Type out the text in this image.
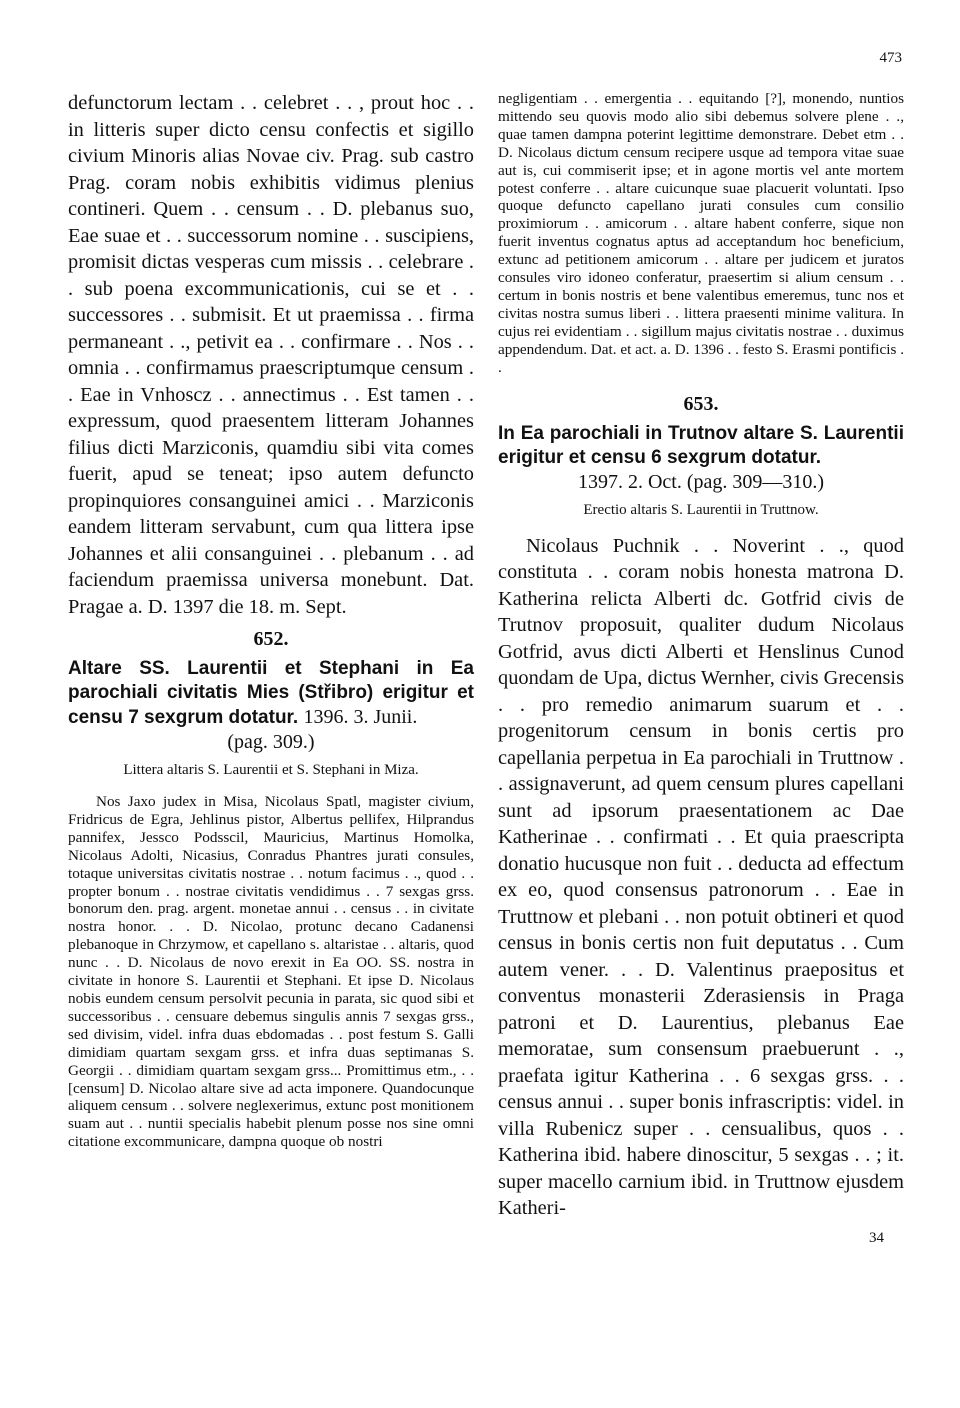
473

defunctorum lectam . . celebret . . , prout hoc . . in litteris super dicto censu confectis et sigillo civium Minoris alias Novae civ. Prag. sub castro Prag. coram nobis exhibitis vidimus plenius contineri. Quem . . censum . . D. plebanus suo, Eae suae et . . successorum nomine . . suscipiens, promisit dictas vesperas cum missis . . celebrare . . sub poena excommunicationis, cui se et . . successores . . submisit. Et ut praemissa . . firma permaneant . ., petivit ea . . confirmare . . Nos . . omnia . . confirmamus praescriptumque censum . . Eae in Vnhoscz . . annectimus . . Est tamen . . expressum, quod praesentem litteram Johannes filius dicti Marziconis, quamdiu sibi vita comes fuerit, apud se teneat; ipso autem defuncto propinquiores consanguinei amici . . Marziconis eandem litteram servabunt, cum qua littera ipse Johannes et alii consanguinei . . plebanum . . ad faciendum praemissa universa monebunt. Dat. Pragae a. D. 1397 die 18. m. Sept.

652.
Altare SS. Laurentii et Stephani in Ea parochiali civitatis Mies (Střibro) erigitur et censu 7 sexgrum dotatur. 1396. 3. Junii.
(pag. 309.)
Littera altaris S. Laurentii et S. Stephani in Miza.

Nos Jaxo judex in Misa, Nicolaus Spatl, magister civium, Fridricus de Egra, Jehlinus pistor, Albertus pellifex, Hilprandus pannifex, Jessco Podsscil, Mauricius, Martinus Homolka, Nicolaus Adolti, Nicasius, Conradus Phantres jurati consules, totaque universitas civitatis nostrae . . notum facimus . ., quod . . propter bonum . . nostrae civitatis vendidimus . . 7 sexgas grss. bonorum den. prag. argent. monetae annui . . census . . in civitate nostra honor. . . D. Nicolao, protunc decano Cadanensi plebanoque in Chrzymow, et capellano s. altaristae . . altaris, quod nunc . . D. Nicolaus de novo erexit in Ea OO. SS. nostra in civitate in honore S. Laurentii et Stephani. Et ipse D. Nicolaus nobis eundem censum persolvit pecunia in parata, sic quod sibi et successoribus . . censuare debemus singulis annis 7 sexgas grss., sed divisim, videl. infra duas ebdomadas . . post festum S. Galli dimidiam quartam sexgam grss. et infra duas septimanas S. Georgii . . dimidiam quartam sexgam grss... Promittimus etm., . . [censum] D. Nicolao altare sive ad acta imponere. Quandocunque aliquem censum . . solvere neglexerimus, extunc post monitionem suam aut . . nuntii specialis habebit plenum posse nos sine omni citatione excommunicare, dampna quoque ob nostri

negligentiam . . emergentia . . equitando [?], monendo, nuntios mittendo seu quovis modo alio sibi debemus solvere plene . ., quae tamen dampna poterint legittime demonstrare. Debet etm . . D. Nicolaus dictum censum recipere usque ad tempora vitae suae aut is, cui commiserit ipse; et in agone mortis vel ante mortem potest conferre . . altare cuicunque suae placuerit voluntati. Ipso quoque defuncto capellano jurati consules cum consilio proximiorum . . amicorum . . altare habent conferre, sique non fuerit inventus cognatus aptus ad acceptandum hoc beneficium, extunc ad petitionem amicorum . . altare per judicem et juratos consules viro idoneo conferatur, praesertim si alium censum . . certum in bonis nostris et bene valentibus emeremus, tunc nos et civitas nostra sumus liberi . . littera praesenti minime valitura. In cujus rei evidentiam . . sigillum majus civitatis nostrae . . duximus appendendum. Dat. et act. a. D. 1396 . . festo S. Erasmi pontificis . .

653.
In Ea parochiali in Trutnov altare S. Laurentii erigitur et censu 6 sexgrum dotatur.
1397. 2. Oct. (pag. 309—310.)
Erectio altaris S. Laurentii in Truttnow.

Nicolaus Puchnik . . Noverint . ., quod constituta . . coram nobis honesta matrona D. Katherina relicta Alberti dc. Gotfrid civis de Trutnov proposuit, qualiter dudum Nicolaus Gotfrid, avus dicti Alberti et Henslinus Cunod quondam de Upa, dictus Wernher, civis Grecensis . . pro remedio animarum suarum et . . progenitorum censum in bonis certis pro capellania perpetua in Ea parochiali in Truttnow . . assignaverunt, ad quem censum plures capellani sunt ad ipsorum praesentationem ac Dae Katherinae . . confirmati . . Et quia praescripta donatio hucusque non fuit . . deducta ad effectum ex eo, quod consensus patronorum . . Eae in Truttnow et plebani . . non potuit obtineri et quod census in bonis certis non fuit deputatus . . Cum autem vener. . . D. Valentinus praepositus et conventus monasterii Zderasiensis in Praga patroni et D. Laurentius, plebanus Eae memoratae, sum consensum praebuerunt . ., praefata igitur Katherina . . 6 sexgas grss. . . census annui . . super bonis infrascriptis: videl. in villa Rubenicz super . . censualibus, quos . . Katherina ibid. habere dinoscitur, 5 sexgas . . ; it. super macello carnium ibid. in Truttnow ejusdem Katheri-

34
